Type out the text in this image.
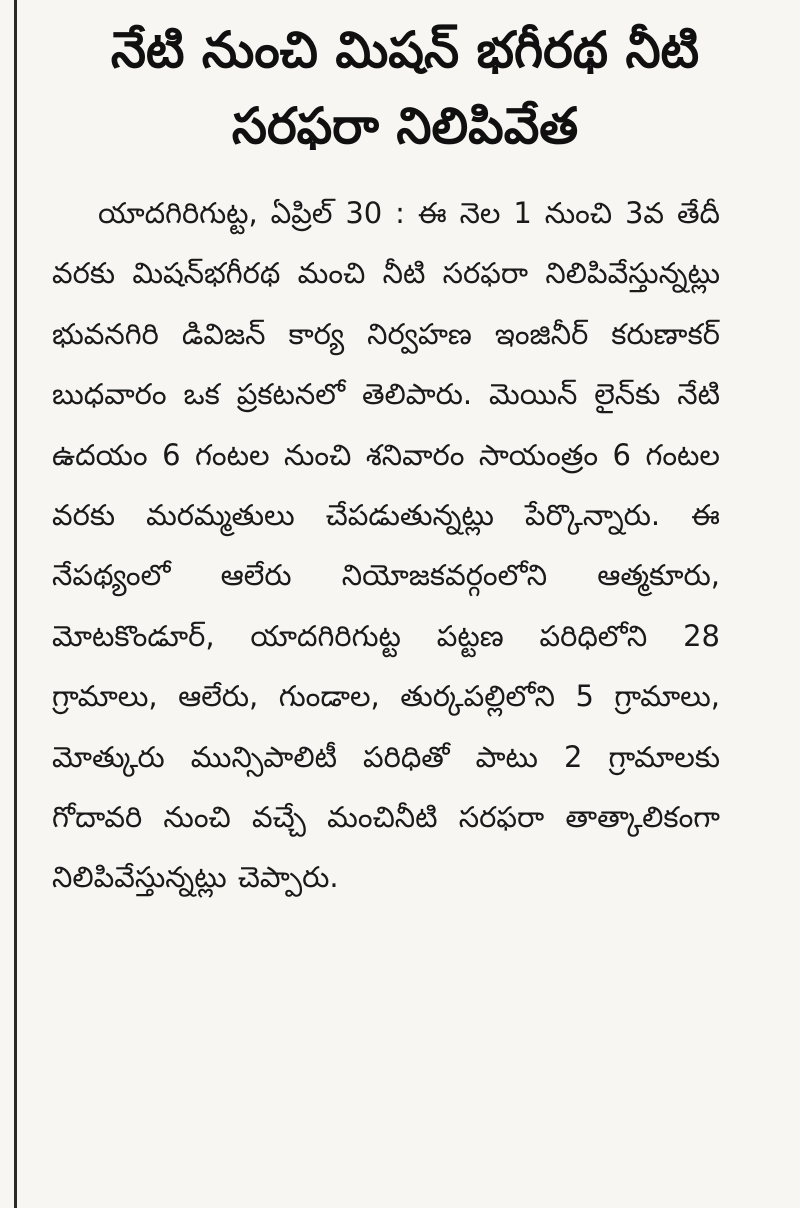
నేటి నుంచి మిషన్ భగీరథ నీటి సరఫరా నిలిపివేత

యాదగిరిగుట్ట, ఏప్రిల్ 30 : ఈ నెల 1 నుంచి 3వ తేదీ వరకు మిషన్‌భగీరథ మంచి నీటి సరఫరా నిలిపివేస్తున్నట్లు భువనగిరి డివిజన్ కార్య నిర్వహణ ఇంజినీర్ కరుణాకర్ బుధవారం ఒక ప్రకటనలో తెలిపారు. మెయిన్ లైన్‌కు నేటి ఉదయం 6 గంటల నుంచి శనివారం సాయంత్రం 6 గంటల వరకు మరమ్మతులు చేపడుతున్నట్లు పేర్కొన్నారు. ఈ నేపథ్యంలో ఆలేరు నియోజకవర్గంలోని ఆత్మకూరు, మోటకొండూర్, యాదగిరిగుట్ట పట్టణ పరిధిలోని 28 గ్రామాలు, ఆలేరు, గుండాల, తుర్కపల్లిలోని 5 గ్రామాలు, మోత్కురు మున్సిపాలిటీ పరిధితో పాటు 2 గ్రామాలకు గోదావరి నుంచి వచ్చే మంచినీటి సరఫరా తాత్కాలికంగా నిలిపివేస్తున్నట్లు చెప్పారు.
